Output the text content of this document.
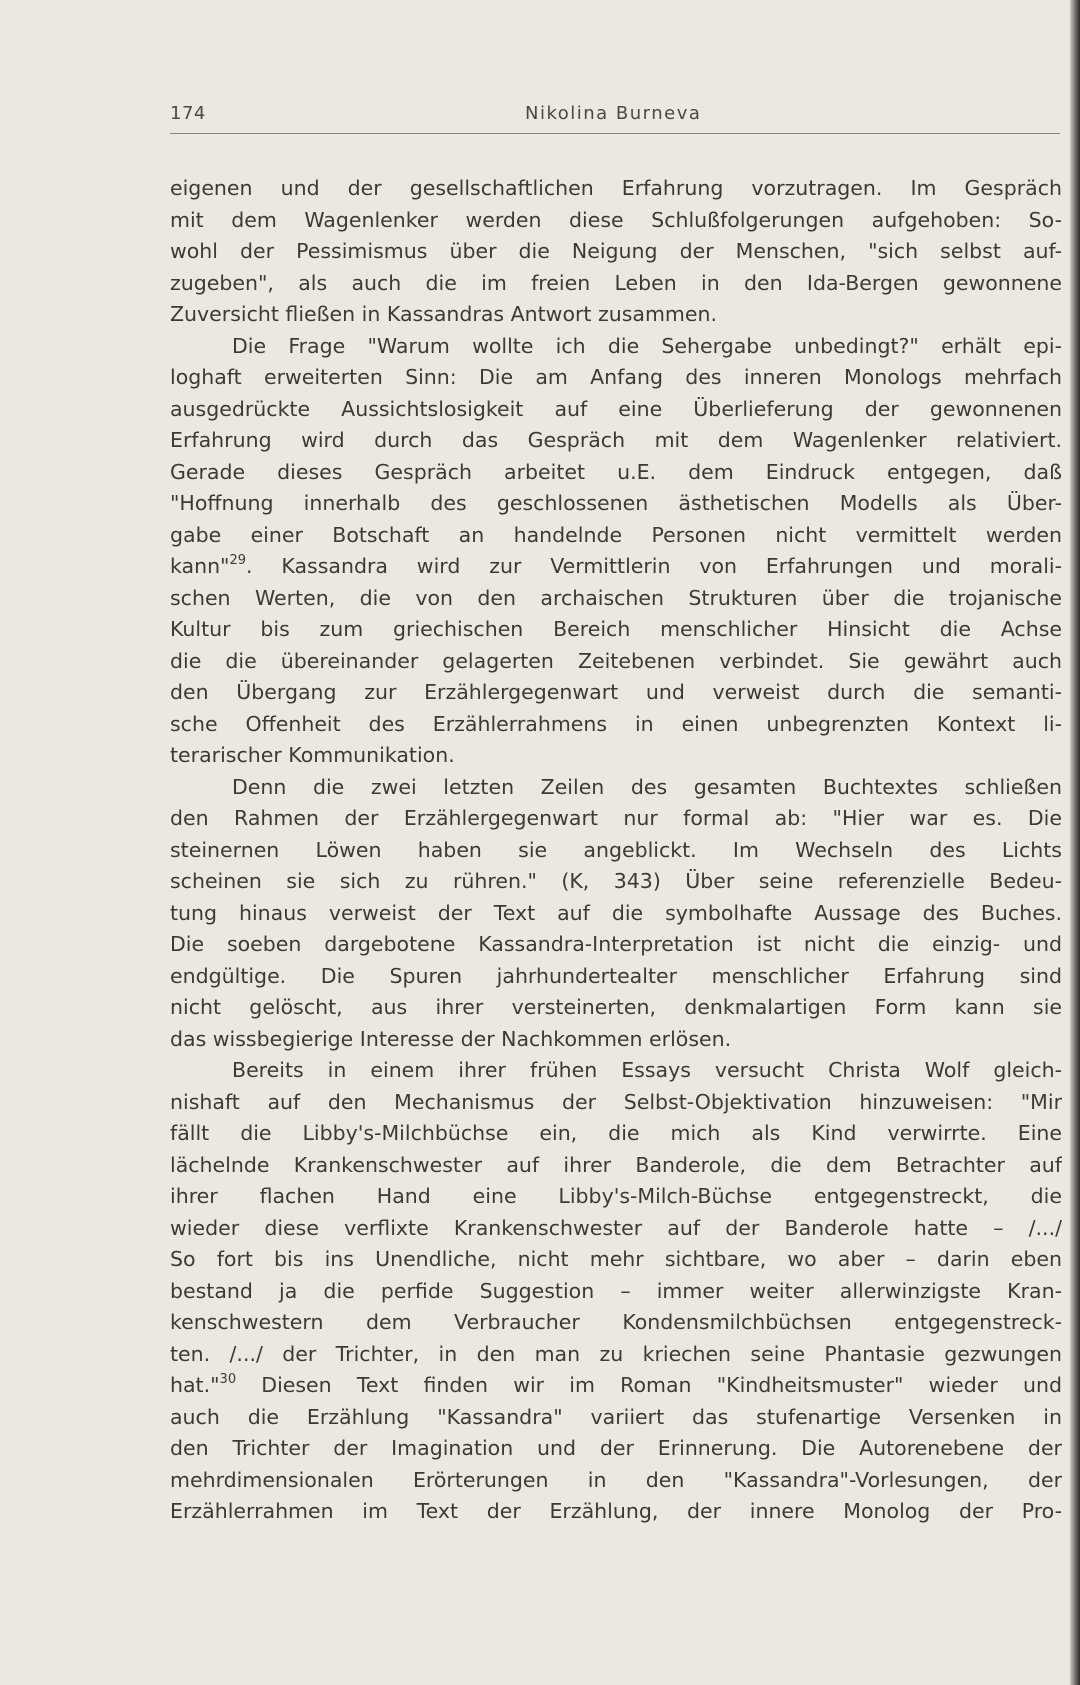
174	Nikolina Burneva
eigenen und der gesellschaftlichen Erfahrung vorzutragen. Im Gespräch
mit dem Wagenlenker werden diese Schlußfolgerungen aufgehoben: So-
wohl der Pessimismus über die Neigung der Menschen, "sich selbst auf-
zugeben", als auch die im freien Leben in den Ida-Bergen gewonnene
Zuversicht fließen in Kassandras Antwort zusammen.
Die Frage "Warum wollte ich die Sehergabe unbedingt?" erhält epi-
loghaft erweiterten Sinn: Die am Anfang des inneren Monologs mehrfach
ausgedrückte Aussichtslosigkeit auf eine Überlieferung der gewonnenen
Erfahrung wird durch das Gespräch mit dem Wagenlenker relativiert.
Gerade dieses Gespräch arbeitet u.E. dem Eindruck entgegen, daß
"Hoffnung innerhalb des geschlossenen ästhetischen Modells als Über-
gabe einer Botschaft an handelnde Personen nicht vermittelt werden
kann"$^{29}$. Kassandra wird zur Vermittlerin von Erfahrungen und morali-
schen Werten, die von den archaischen Strukturen über die trojanische
Kultur bis zum griechischen Bereich menschlicher Hinsicht die Achse
die die übereinander gelagerten Zeitebenen verbindet. Sie gewährt auch
den Übergang zur Erzählergegenwart und verweist durch die semanti-
sche Offenheit des Erzählerrahmens in einen unbegrenzten Kontext li-
terarischer Kommunikation.
Denn die zwei letzten Zeilen des gesamten Buchtextes schließen
den Rahmen der Erzählergegenwart nur formal ab: "Hier war es. Die
steinernen Löwen haben sie angeblickt. Im Wechseln des Lichts
scheinen sie sich zu rühren." (K, 343) Über seine referenzielle Bedeu-
tung hinaus verweist der Text auf die symbolhafte Aussage des Buches.
Die soeben dargebotene Kassandra-Interpretation ist nicht die einzig- und
endgültige. Die Spuren jahrhundertealter menschlicher Erfahrung sind
nicht gelöscht, aus ihrer versteinerten, denkmalartigen Form kann sie
das wissbegierige Interesse der Nachkommen erlösen.
Bereits in einem ihrer frühen Essays versucht Christa Wolf gleich-
nishaft auf den Mechanismus der Selbst-Objektivation hinzuweisen: "Mir
fällt die Libby's-Milchbüchse ein, die mich als Kind verwirrte. Eine
lächelnde Krankenschwester auf ihrer Banderole, die dem Betrachter auf
ihrer flachen Hand eine Libby's-Milch-Büchse entgegenstreckt, die
wieder diese verflixte Krankenschwester auf der Banderole hatte – /.../
So fort bis ins Unendliche, nicht mehr sichtbare, wo aber – darin eben
bestand ja die perfide Suggestion – immer weiter allerwinzigste Kran-
kenschwestern dem Verbraucher Kondensmilchbüchsen entgegenstreck-
ten. /.../ der Trichter, in den man zu kriechen seine Phantasie gezwungen
hat."$^{30}$ Diesen Text finden wir im Roman "Kindheitsmuster" wieder und
auch die Erzählung "Kassandra" variiert das stufenartige Versenken in
den Trichter der Imagination und der Erinnerung. Die Autorenebene der
mehrdimensionalen Erörterungen in den "Kassandra"-Vorlesungen, der
Erzählerrahmen im Text der Erzählung, der innere Monolog der Pro-
